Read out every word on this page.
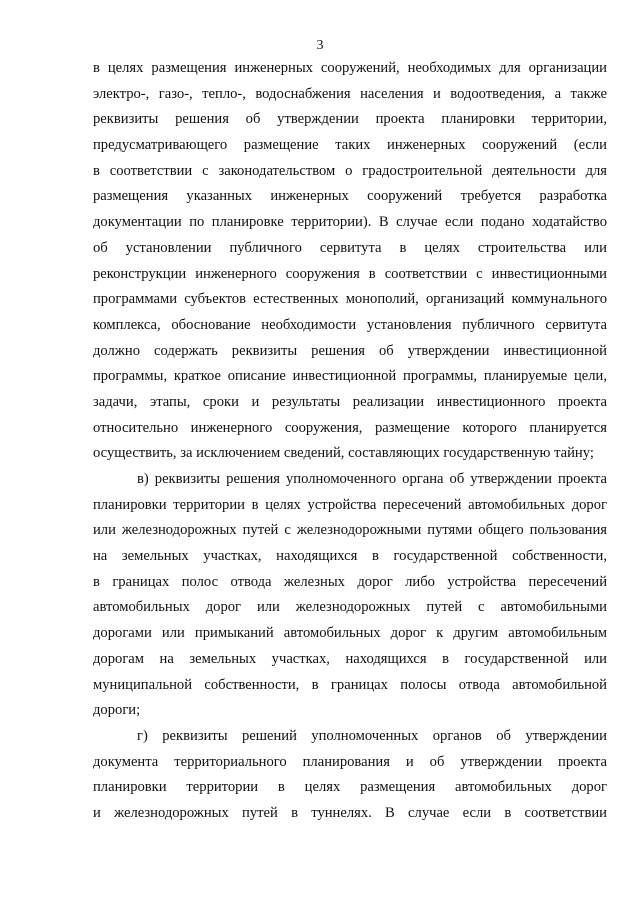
3
в целях размещения инженерных сооружений, необходимых для организации
электро-, газо-, тепло-, водоснабжения населения и водоотведения, а также
реквизиты решения об утверждении проекта планировки территории,
предусматривающего размещение таких инженерных сооружений (если
в соответствии с законодательством о градостроительной деятельности для
размещения указанных инженерных сооружений требуется разработка
документации по планировке территории). В случае если подано ходатайство
об установлении публичного сервитута в целях строительства или
реконструкции инженерного сооружения в соответствии с инвестиционными
программами субъектов естественных монополий, организаций коммунального
комплекса, обоснование необходимости установления публичного сервитута
должно содержать реквизиты решения об утверждении инвестиционной
программы, краткое описание инвестиционной программы, планируемые цели,
задачи, этапы, сроки и результаты реализации инвестиционного проекта
относительно инженерного сооружения, размещение которого планируется
осуществить, за исключением сведений, составляющих государственную тайну;
в) реквизиты решения уполномоченного органа об утверждении проекта
планировки территории в целях устройства пересечений автомобильных дорог
или железнодорожных путей с железнодорожными путями общего пользования
на земельных участках, находящихся в государственной собственности,
в границах полос отвода железных дорог либо устройства пересечений
автомобильных дорог или железнодорожных путей с автомобильными
дорогами или примыканий автомобильных дорог к другим автомобильным
дорогам на земельных участках, находящихся в государственной или
муниципальной собственности, в границах полосы отвода автомобильной
дороги;
г) реквизиты решений уполномоченных органов об утверждении
документа территориального планирования и об утверждении проекта
планировки территории в целях размещения автомобильных дорог
и железнодорожных путей в туннелях. В случае если в соответствии
